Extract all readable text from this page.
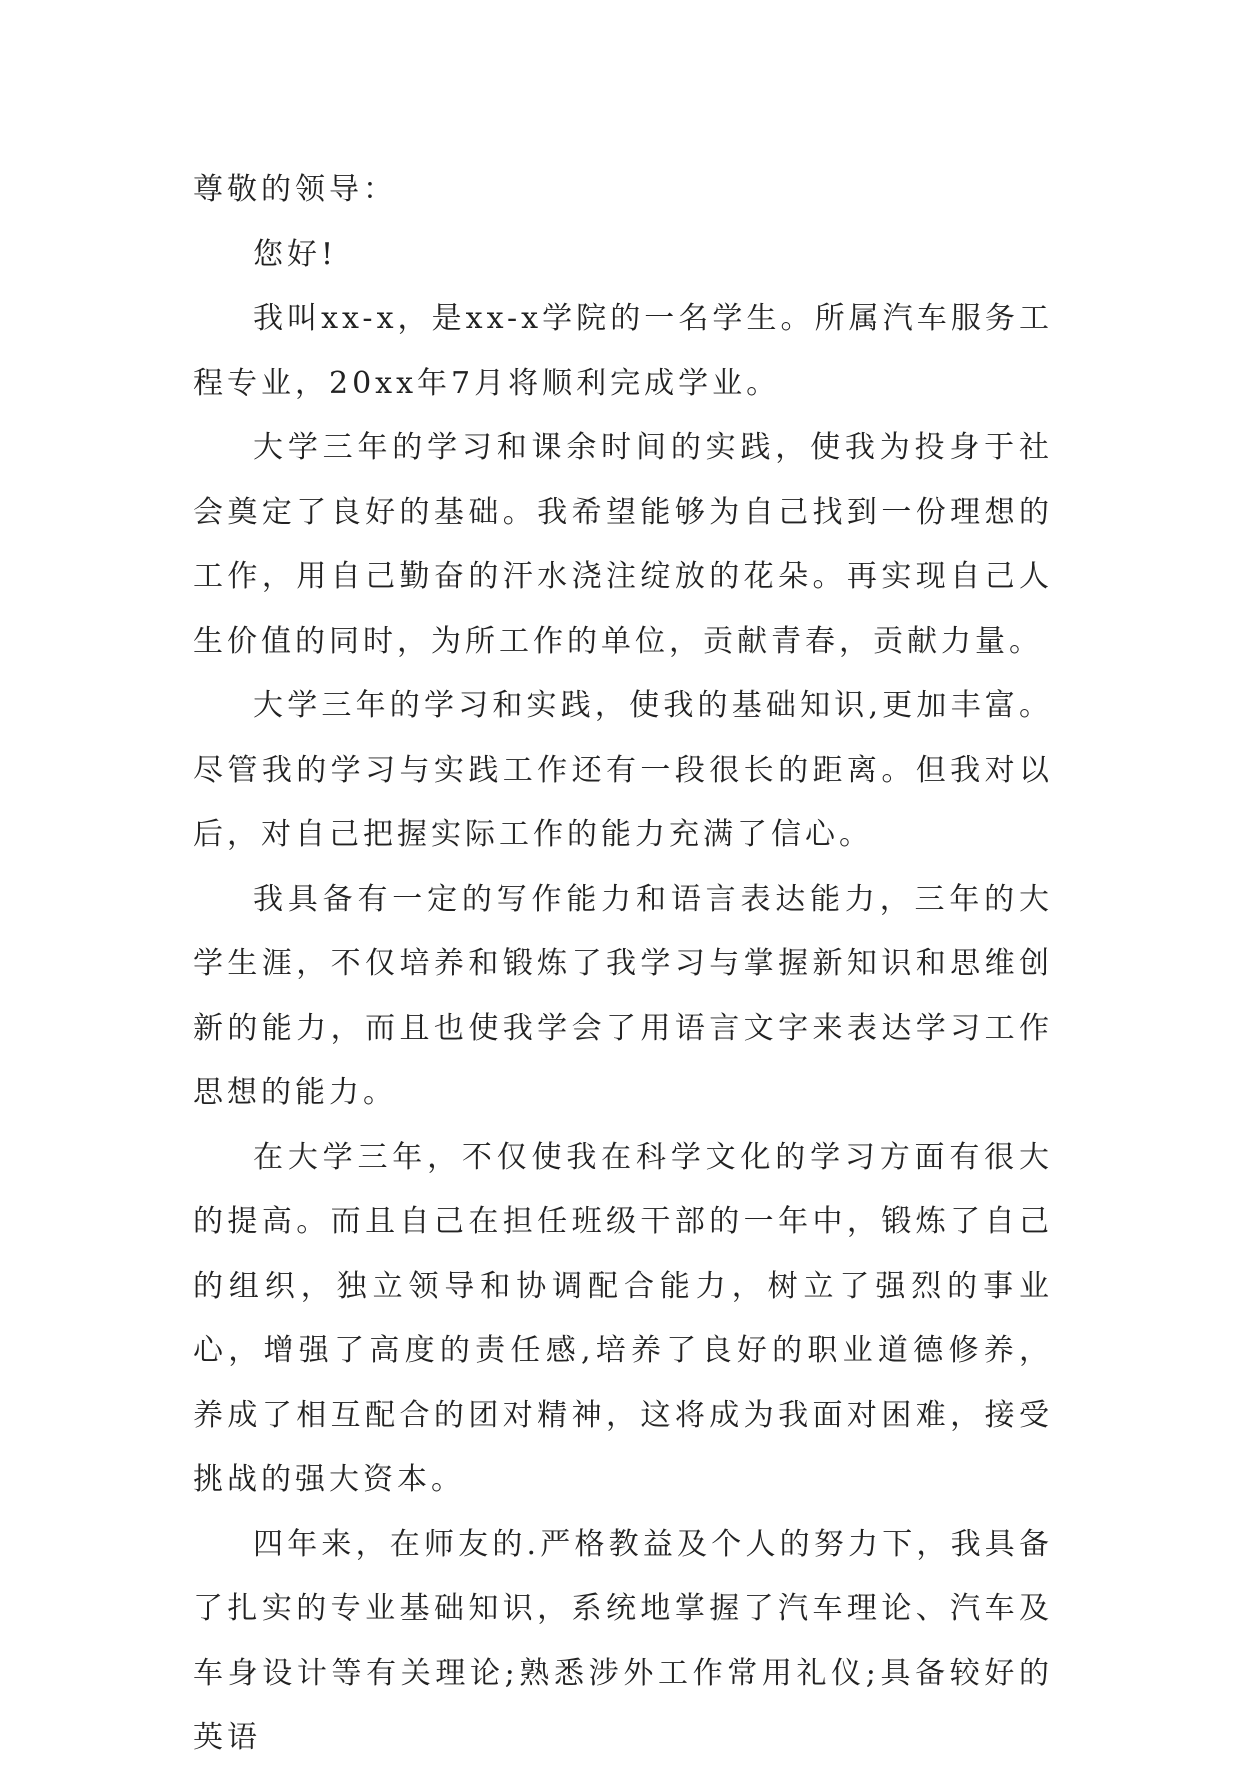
尊敬的领导：

您好!

我叫xx-x，是xx-x学院的一名学生。所属汽车服务工程专业，20xx年7月将顺利完成学业。

大学三年的学习和课余时间的实践，使我为投身于社会奠定了良好的基础。我希望能够为自己找到一份理想的工作，用自己勤奋的汗水浇注绽放的花朵。再实现自己人生价值的同时，为所工作的单位，贡献青春，贡献力量。

大学三年的学习和实践，使我的基础知识,更加丰富。尽管我的学习与实践工作还有一段很长的距离。但我对以后，对自己把握实际工作的能力充满了信心。

我具备有一定的写作能力和语言表达能力，三年的大学生涯，不仅培养和锻炼了我学习与掌握新知识和思维创新的能力，而且也使我学会了用语言文字来表达学习工作思想的能力。

在大学三年，不仅使我在科学文化的学习方面有很大的提高。而且自己在担任班级干部的一年中，锻炼了自己的组织，独立领导和协调配合能力，树立了强烈的事业心，增强了高度的责任感,培养了良好的职业道德修养，养成了相互配合的团对精神，这将成为我面对困难，接受挑战的强大资本。

四年来，在师友的.严格教益及个人的努力下，我具备了扎实的专业基础知识，系统地掌握了汽车理论、汽车及车身设计等有关理论;熟悉涉外工作常用礼仪;具备较好的英语
